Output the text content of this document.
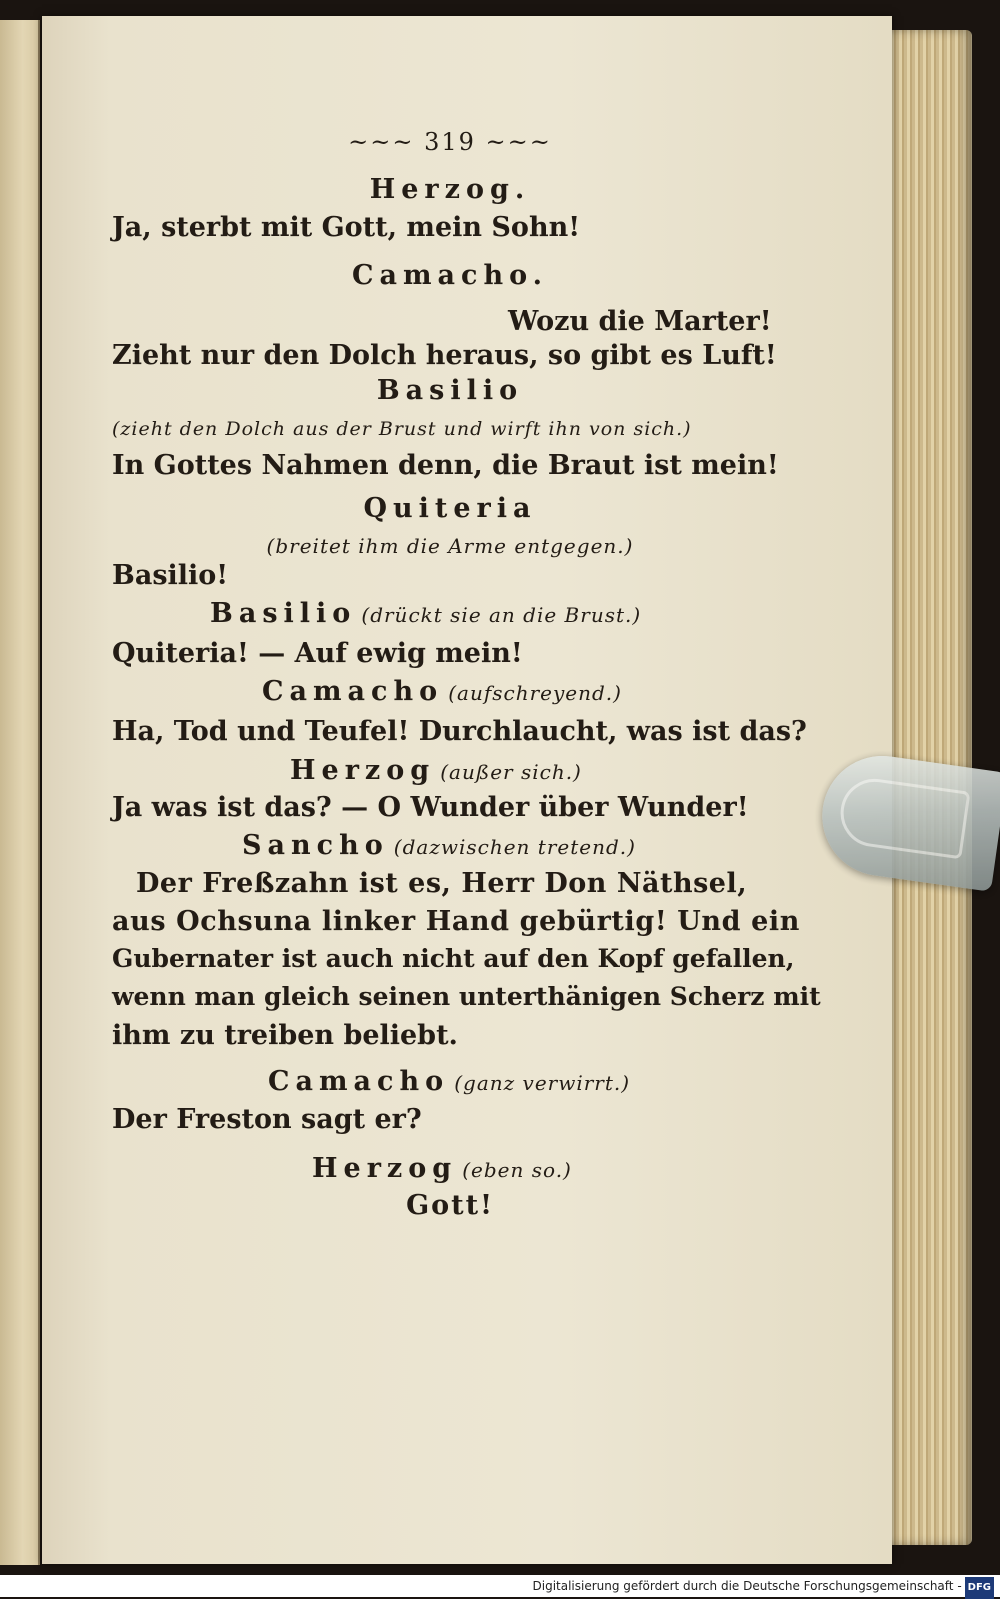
~~~ 319 ~~~
Herzog.
Ja, sterbt mit Gott, mein Sohn!
Camacho.
Wozu die Marter!
Zieht nur den Dolch heraus, so gibt es Luft!
Basilio
(zieht den Dolch aus der Brust und wirft ihn von sich.)
In Gottes Nahmen denn, die Braut ist mein!
Quiteria
(breitet ihm die Arme entgegen.)
Basilio!
Basilio (drückt sie an die Brust.)
Quiteria! — Auf ewig mein!
Camacho (aufschreyend.)
Ha, Tod und Teufel! Durchlaucht, was ist das?
Herzog (außer sich.)
Ja was ist das? — O Wunder über Wunder!
Sancho (dazwischen tretend.)
Der Freßzahn ist es, Herr Don Näthsel,
aus Ochsuna linker Hand gebürtig! Und ein
Gubernater ist auch nicht auf den Kopf gefallen,
wenn man gleich seinen unterthänigen Scherz mit
ihm zu treiben beliebt.
Camacho (ganz verwirrt.)
Der Freston sagt er?
Herzog (eben so.)
Gott!
Digitalisierung gefördert durch die Deutsche Forschungsgemeinschaft - DFG
